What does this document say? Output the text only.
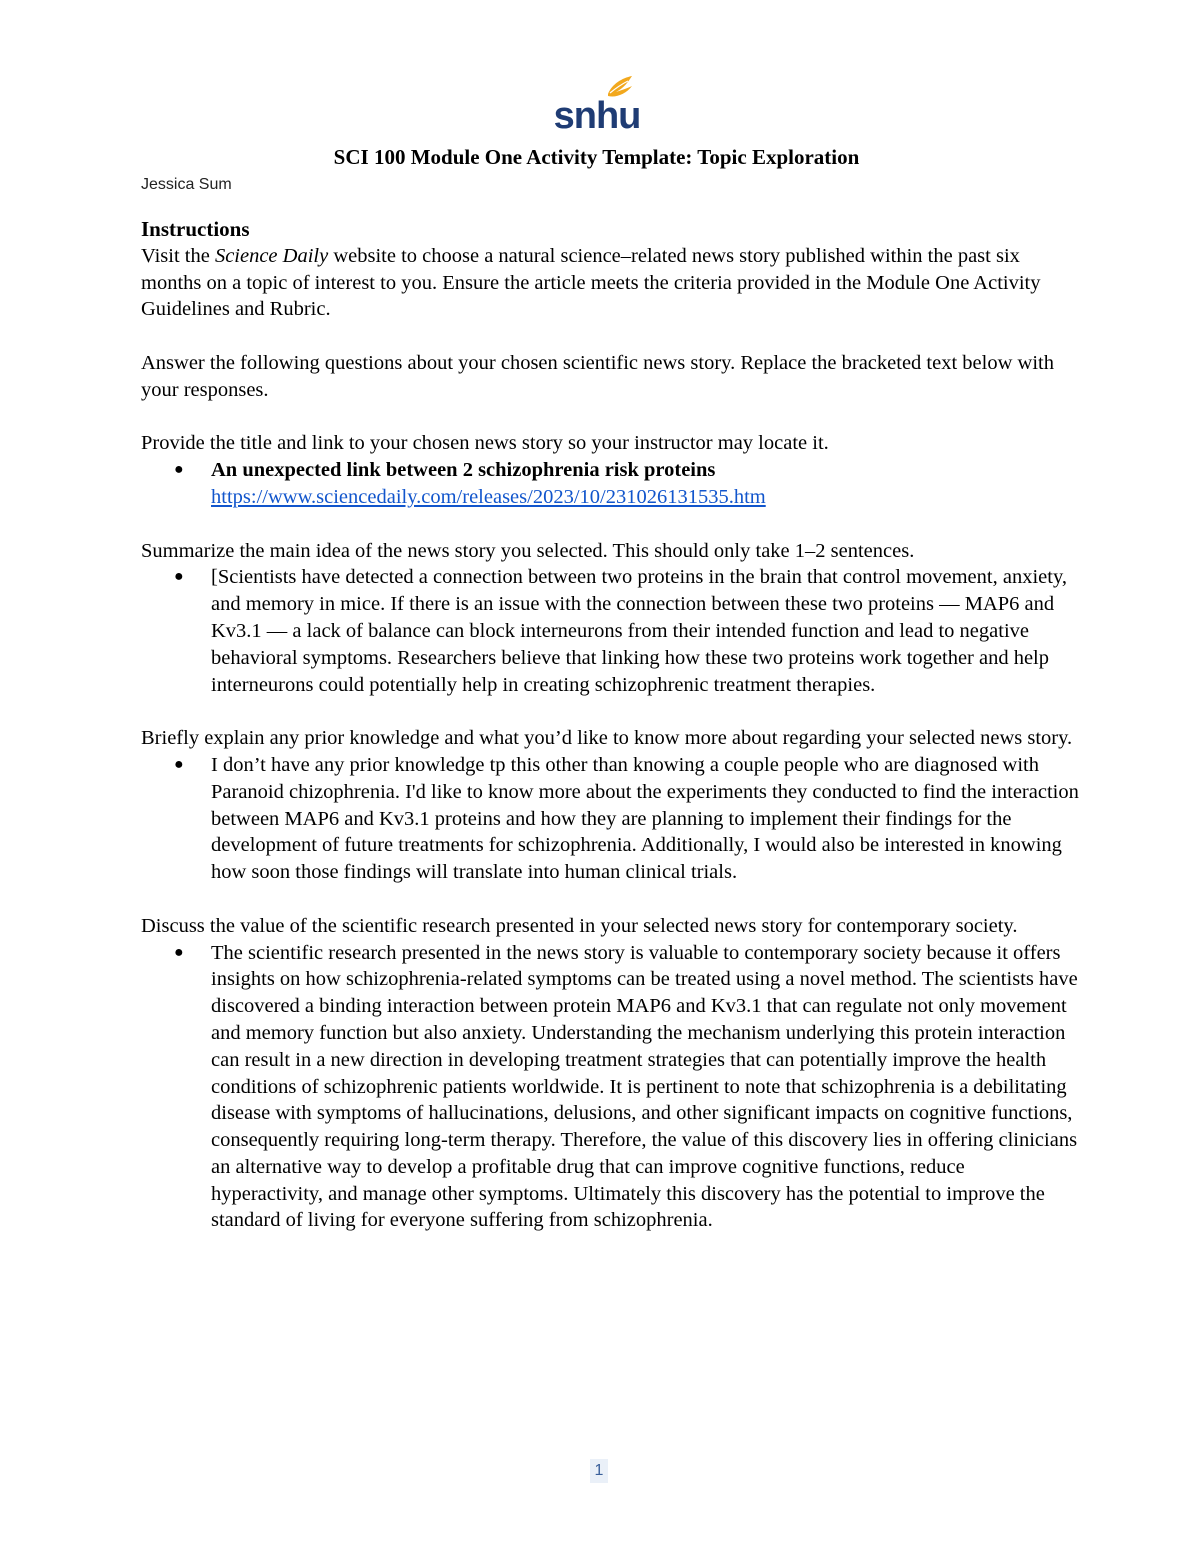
snhu
SCI 100 Module One Activity Template: Topic Exploration
Jessica Sum

Instructions

Visit the Science Daily website to choose a natural science–related news story published within the past six months on a topic of interest to you. Ensure the article meets the criteria provided in the Module One Activity Guidelines and Rubric.

Answer the following questions about your chosen scientific news story. Replace the bracketed text below with your responses.

Provide the title and link to your chosen news story so your instructor may locate it.

● An unexpected link between 2 schizophrenia risk proteins
https://www.sciencedaily.com/releases/2023/10/231026131535.htm

Summarize the main idea of the news story you selected. This should only take 1–2 sentences.

● [Scientists have detected a connection between two proteins in the brain that control movement, anxiety, and memory in mice. If there is an issue with the connection between these two proteins — MAP6 and Kv3.1 — a lack of balance can block interneurons from their intended function and lead to negative behavioral symptoms. Researchers believe that linking how these two proteins work together and help interneurons could potentially help in creating schizophrenic treatment therapies.

Briefly explain any prior knowledge and what you’d like to know more about regarding your selected news story.

● I don’t have any prior knowledge tp this other than knowing a couple people who are diagnosed with Paranoid chizophrenia. I'd like to know more about the experiments they conducted to find the interaction between MAP6 and Kv3.1 proteins and how they are planning to implement their findings for the development of future treatments for schizophrenia. Additionally, I would also be interested in knowing how soon those findings will translate into human clinical trials.

Discuss the value of the scientific research presented in your selected news story for contemporary society.

● The scientific research presented in the news story is valuable to contemporary society because it offers insights on how schizophrenia-related symptoms can be treated using a novel method. The scientists have discovered a binding interaction between protein MAP6 and Kv3.1 that can regulate not only movement and memory function but also anxiety. Understanding the mechanism underlying this protein interaction can result in a new direction in developing treatment strategies that can potentially improve the health conditions of schizophrenic patients worldwide. It is pertinent to note that schizophrenia is a debilitating disease with symptoms of hallucinations, delusions, and other significant impacts on cognitive functions, consequently requiring long-term therapy. Therefore, the value of this discovery lies in offering clinicians an alternative way to develop a profitable drug that can improve cognitive functions, reduce hyperactivity, and manage other symptoms. Ultimately this discovery has the potential to improve the standard of living for everyone suffering from schizophrenia.
1
